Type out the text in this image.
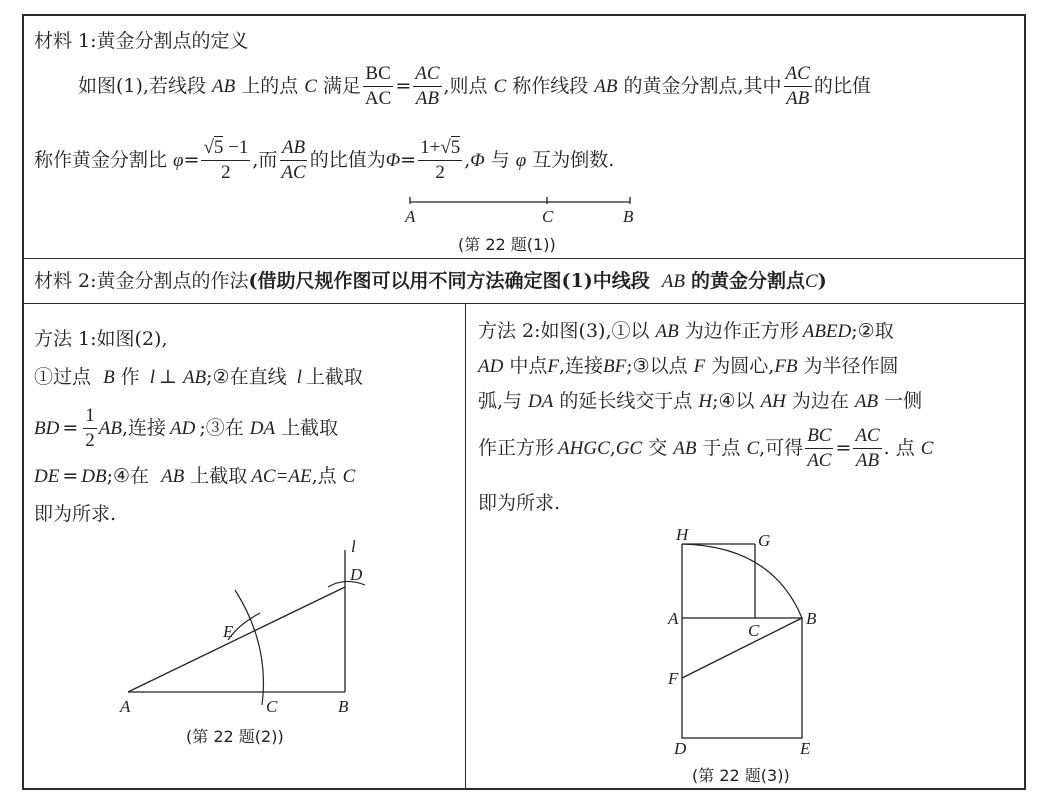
材料 1:黄金分割点的定义
如图(1),若线段 AB 上的点 C 满足 $\frac{BC}{AC} = \frac{AC}{AB}$ ,则点 C 称作线段 AB 的黄金分割点,其中 $\frac{AC}{AB}$ 的比值
称作黄金分割比 $\varphi = \frac{√5 -1}{2}$ ,而 $\frac{AB}{AC}$ 的比值为 $\Phi = \frac{1+√5}{2}$ , Φ 与 φ 互为倒数.
A	C	B
(第 22 题(1))
材料 2:黄金分割点的作法(借助尺规作图可以用不同方法确定图(1)中线段 AB 的黄金分割点C)
方法 1:如图(2),
①过点 B 作 l ⊥ AB;②在直线 l 上截取
BD = $\frac{1}{2}$ AB ,连接 AD ;③在 DA 上截取
DE = DB;④在 AB 上截取 AC=AE,点 C
即为所求.
l
D
E
A	C	B
(第 22 题(2))
方法 2:如图(3),①以 AB 为边作正方形 ABED;②取
AD 中点F,连接BF;③以点 F 为圆心,FB 为半径作圆
弧,与 DA 的延长线交于点 H;④以 AH 为边在 AB 一侧
作正方形 AHGC , GC 交 AB 于点 C ,可得 $\frac{BC}{AC} = \frac{AC}{AB}$ . 点 C
即为所求.
H	G
A
C
B
F
D	E
(第 22 题(3))
